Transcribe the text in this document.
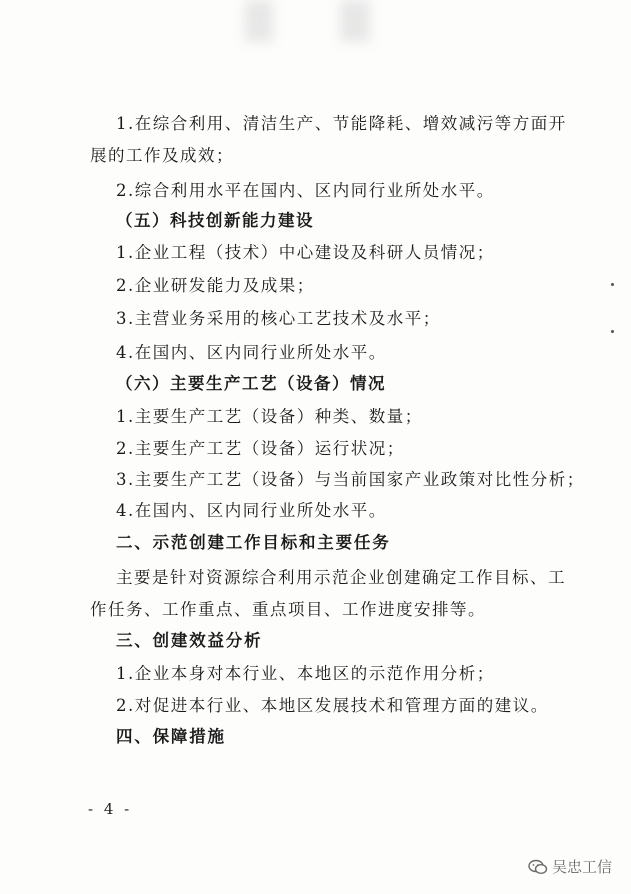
1.在综合利用、清洁生产、节能降耗、增效减污等方面开
展的工作及成效；
2.综合利用水平在国内、区内同行业所处水平。
（五）科技创新能力建设
1.企业工程（技术）中心建设及科研人员情况；
2.企业研发能力及成果；
3.主营业务采用的核心工艺技术及水平；
4.在国内、区内同行业所处水平。
（六）主要生产工艺（设备）情况
1.主要生产工艺（设备）种类、数量；
2.主要生产工艺（设备）运行状况；
3.主要生产工艺（设备）与当前国家产业政策对比性分析；
4.在国内、区内同行业所处水平。
二、示范创建工作目标和主要任务
主要是针对资源综合利用示范企业创建确定工作目标、工
作任务、工作重点、重点项目、工作进度安排等。
三、创建效益分析
1.企业本身对本行业、本地区的示范作用分析；
2.对促进本行业、本地区发展技术和管理方面的建议。
四、保障措施
- 4 -
吴忠工信
